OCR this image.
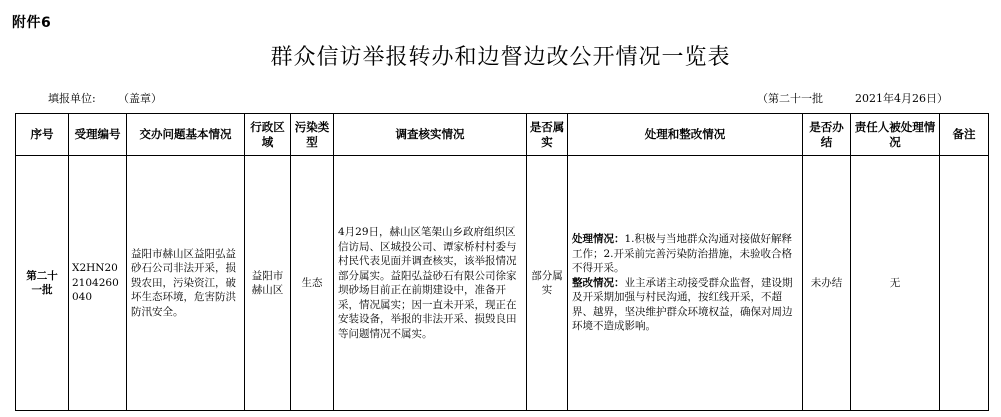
附件6
群众信访举报转办和边督边改公开情况一览表
填报单位: （盖章）	（第二十一批	2021年4月26日）
序号	受理编号	交办问题基本情况	行政区域	污染类型	调查核实情况	是否属实	处理和整改情况	是否办结	责任人被处理情况	备注
第二十一批	X2HN202104260040	益阳市赫山区益阳弘益砂石公司非法开采，损毁农田，污染资江，破坏生态环境，危害防洪防汛安全。	益阳市赫山区	生态	4月29日，赫山区笔架山乡政府组织区信访局、区城投公司、谭家桥村村委与村民代表见面并调查核实，该举报情况部分属实。益阳弘益砂石有限公司徐家坝砂场目前正在前期建设中，准备开采，情况属实；因一直未开采，现正在安装设备，举报的非法开采、损毁良田等问题情况不属实。	部分属实	处理情况：1.积极与当地群众沟通对接做好解释工作；2.开采前完善污染防治措施，未验收合格不得开采。
整改情况：业主承诺主动接受群众监督，建设期及开采期加强与村民沟通，按红线开采，不超界、越界，坚决维护群众环境权益，确保对周边环境不造成影响。	未办结	无	
